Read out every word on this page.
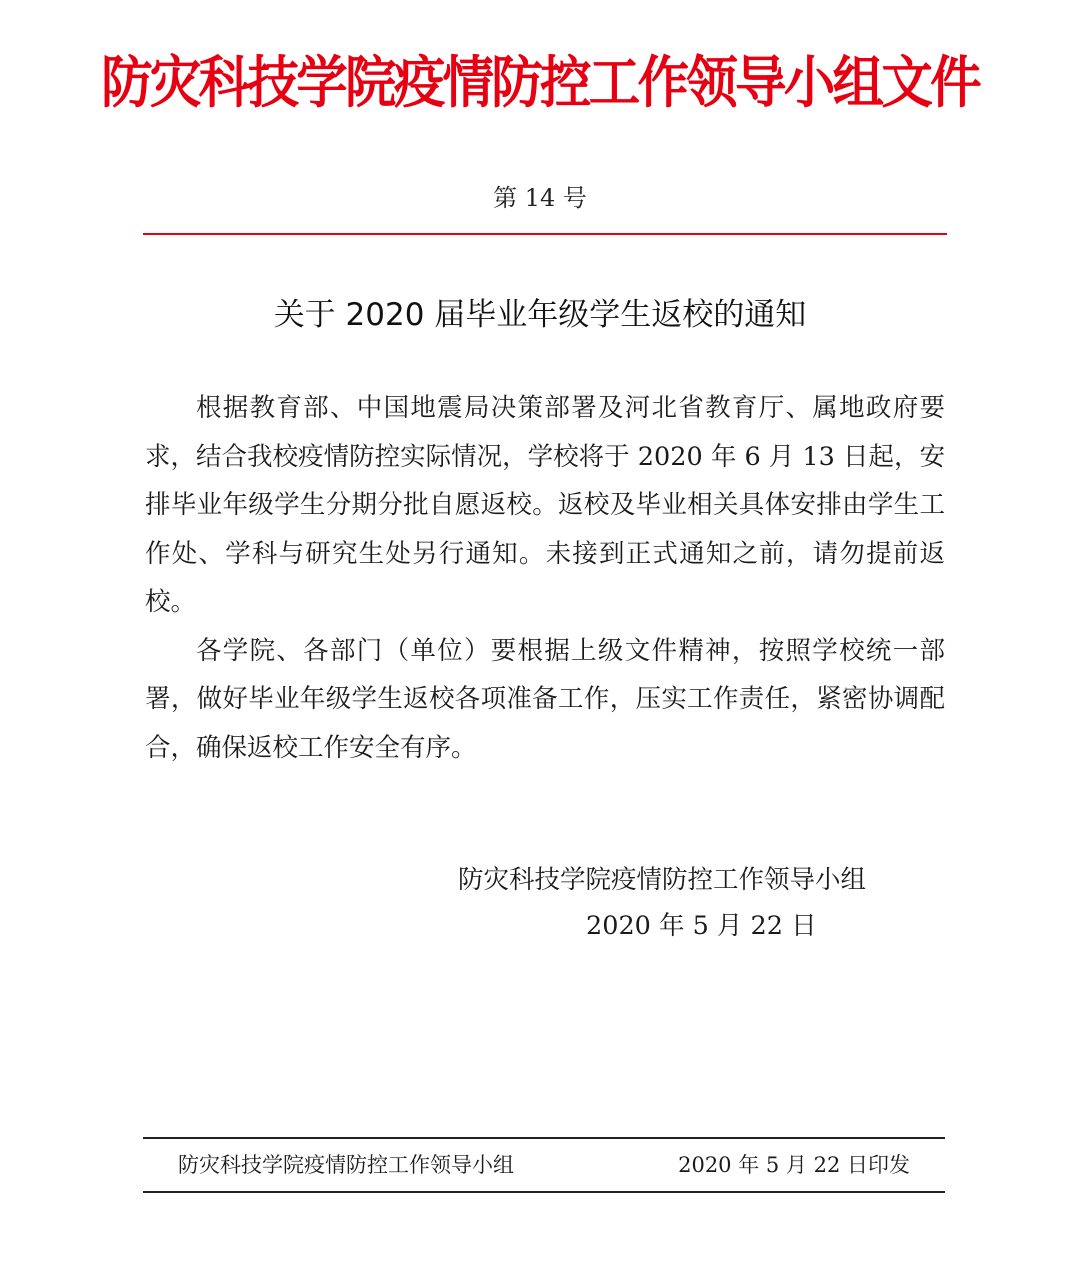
防灾科技学院疫情防控工作领导小组文件
第 14 号
关于 2020 届毕业年级学生返校的通知

根据教育部、中国地震局决策部署及河北省教育厅、属地政府要求，结合我校疫情防控实际情况，学校将于 2020 年 6 月 13 日起，安排毕业年级学生分期分批自愿返校。返校及毕业相关具体安排由学生工作处、学科与研究生处另行通知。未接到正式通知之前，请勿提前返校。

各学院、各部门（单位）要根据上级文件精神，按照学校统一部署，做好毕业年级学生返校各项准备工作，压实工作责任，紧密协调配合，确保返校工作安全有序。

防灾科技学院疫情防控工作领导小组
2020 年 5 月 22 日
防灾科技学院疫情防控工作领导小组	2020 年 5 月 22 日印发
